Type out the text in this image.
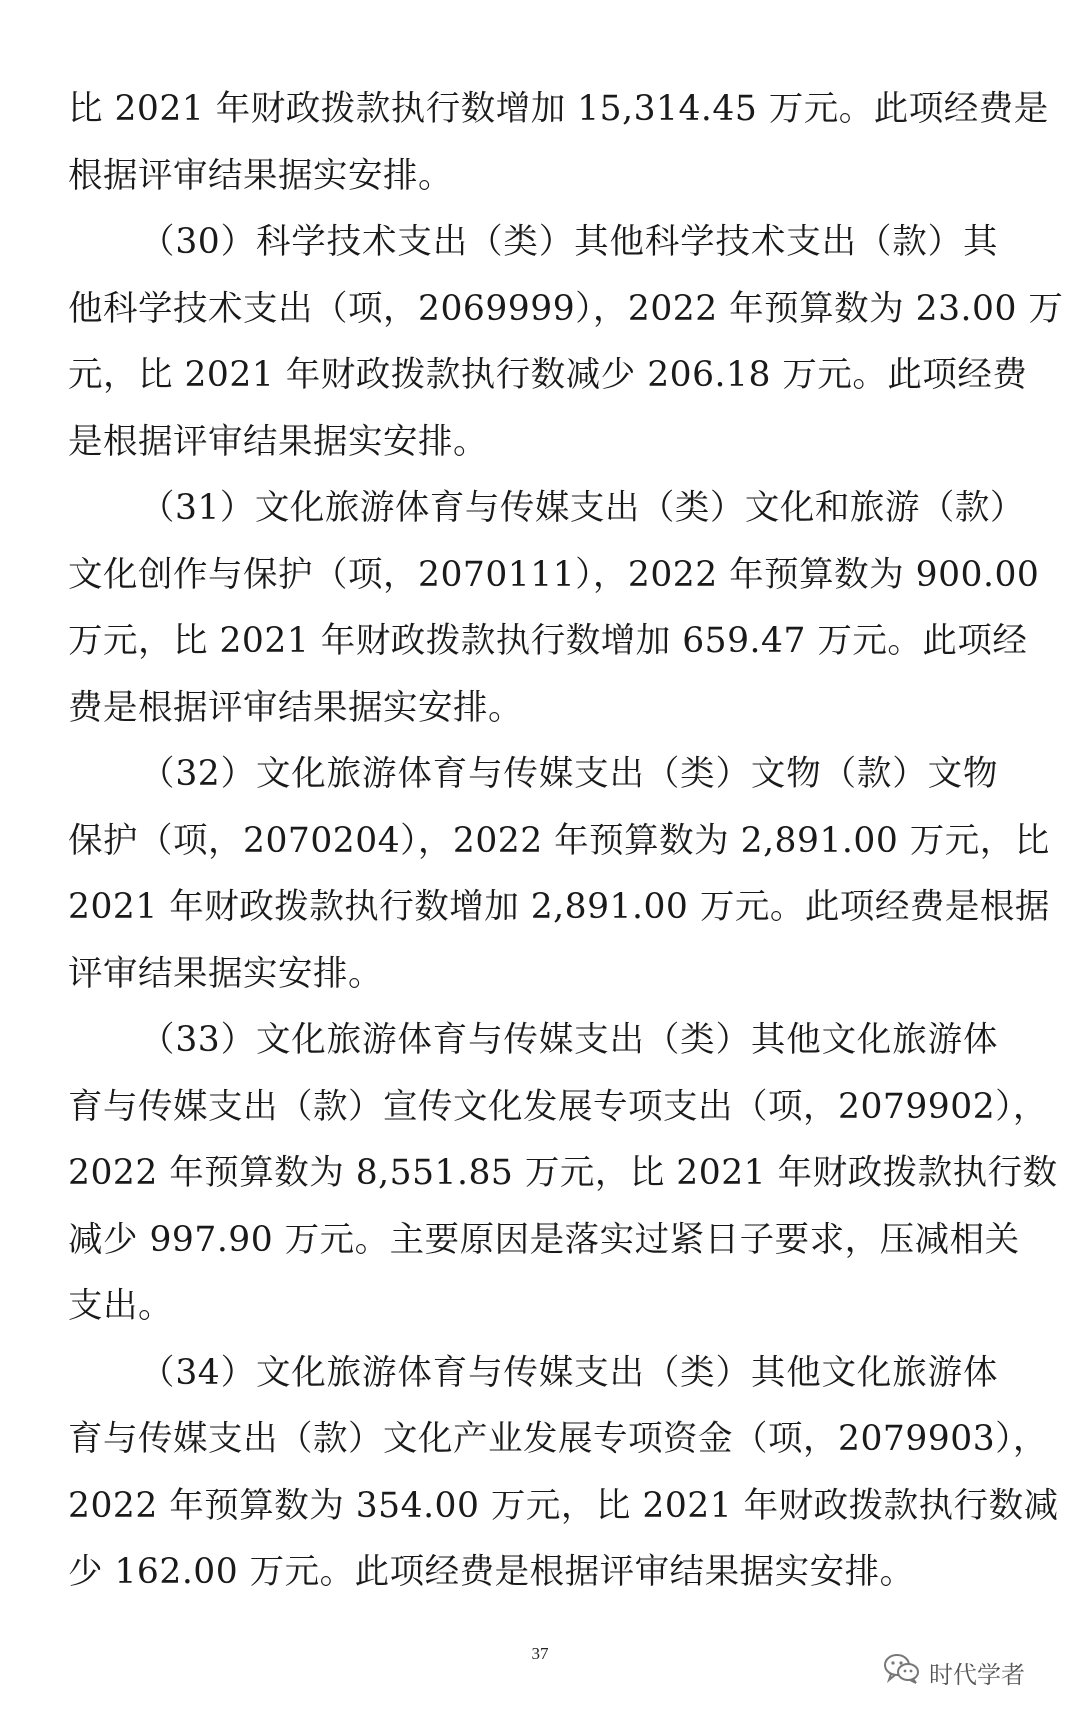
比 2021 年财政拨款执行数增加 15,314.45 万元。此项经费是
根据评审结果据实安排。
（30）科学技术支出（类）其他科学技术支出（款）其
他科学技术支出（项，2069999），2022 年预算数为 23.00 万
元，比 2021 年财政拨款执行数减少 206.18 万元。此项经费
是根据评审结果据实安排。
（31）文化旅游体育与传媒支出（类）文化和旅游（款）
文化创作与保护（项，2070111），2022 年预算数为 900.00
万元，比 2021 年财政拨款执行数增加 659.47 万元。此项经
费是根据评审结果据实安排。
（32）文化旅游体育与传媒支出（类）文物（款）文物
保护（项，2070204），2022 年预算数为 2,891.00 万元，比
2021 年财政拨款执行数增加 2,891.00 万元。此项经费是根据
评审结果据实安排。
（33）文化旅游体育与传媒支出（类）其他文化旅游体
育与传媒支出（款）宣传文化发展专项支出（项，2079902），
2022 年预算数为 8,551.85 万元，比 2021 年财政拨款执行数
减少 997.90 万元。主要原因是落实过紧日子要求，压减相关
支出。
（34）文化旅游体育与传媒支出（类）其他文化旅游体
育与传媒支出（款）文化产业发展专项资金（项，2079903），
2022 年预算数为 354.00 万元，比 2021 年财政拨款执行数减
少 162.00 万元。此项经费是根据评审结果据实安排。
37
时代学者
